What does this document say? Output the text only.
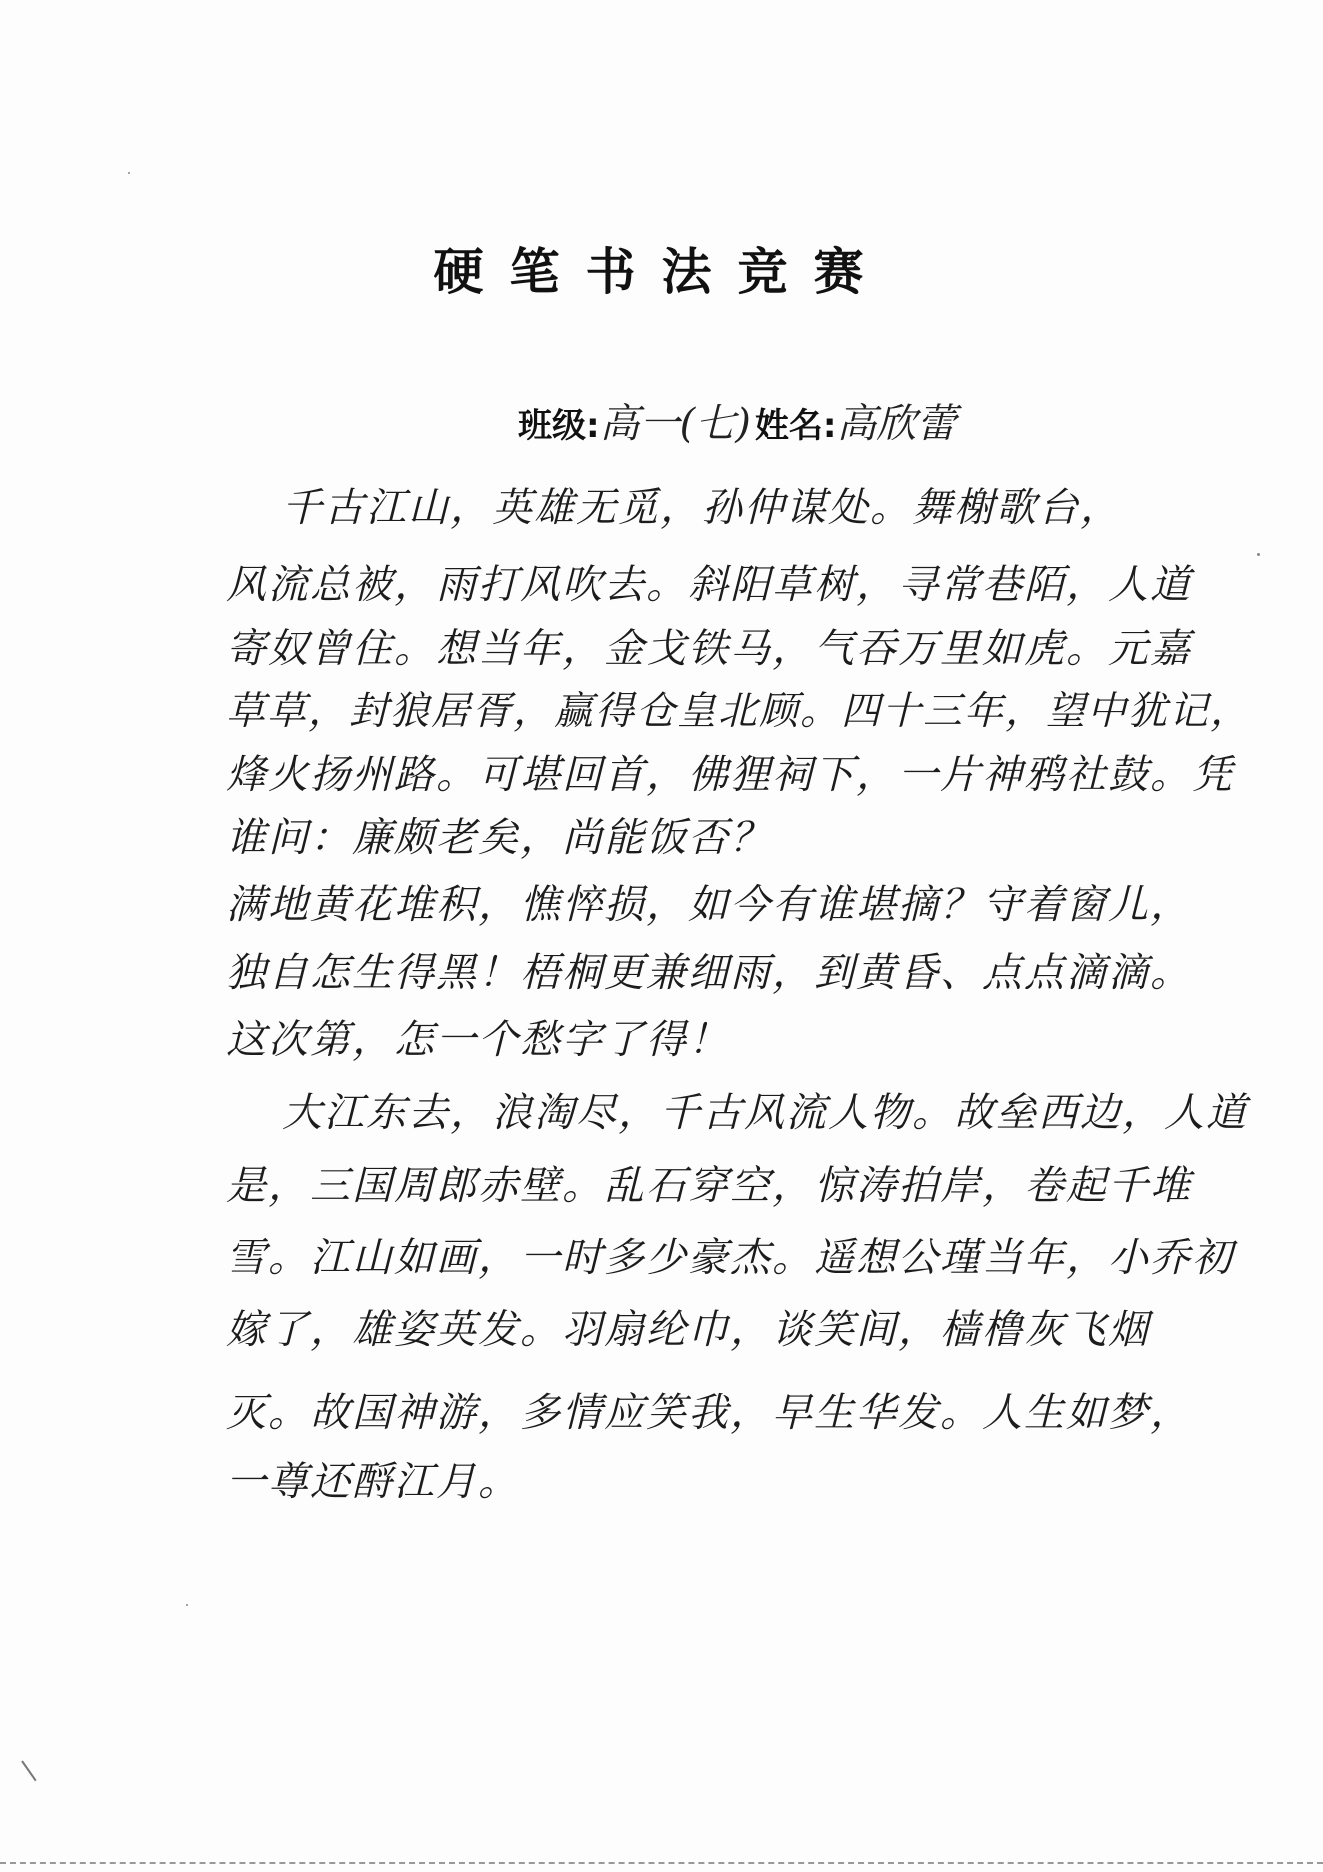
硬笔书法竞赛
班级:高一(七) 姓名:高欣蕾
千古江山，英雄无觅，孙仲谋处。舞榭歌台，
风流总被，雨打风吹去。斜阳草树，寻常巷陌，人道
寄奴曾住。想当年，金戈铁马，气吞万里如虎。元嘉
草草，封狼居胥，赢得仓皇北顾。四十三年，望中犹记，
烽火扬州路。可堪回首，佛狸祠下，一片神鸦社鼓。凭
谁问：廉颇老矣，尚能饭否？
满地黄花堆积，憔悴损，如今有谁堪摘？守着窗儿，
独自怎生得黑！梧桐更兼细雨，到黄昏、点点滴滴。
这次第，怎一个愁字了得！
大江东去，浪淘尽，千古风流人物。故垒西边，人道
是，三国周郎赤壁。乱石穿空，惊涛拍岸，卷起千堆
雪。江山如画，一时多少豪杰。遥想公瑾当年，小乔初
嫁了，雄姿英发。羽扇纶巾，谈笑间，樯橹灰飞烟
灭。故国神游，多情应笑我，早生华发。人生如梦，
一尊还酹江月。
